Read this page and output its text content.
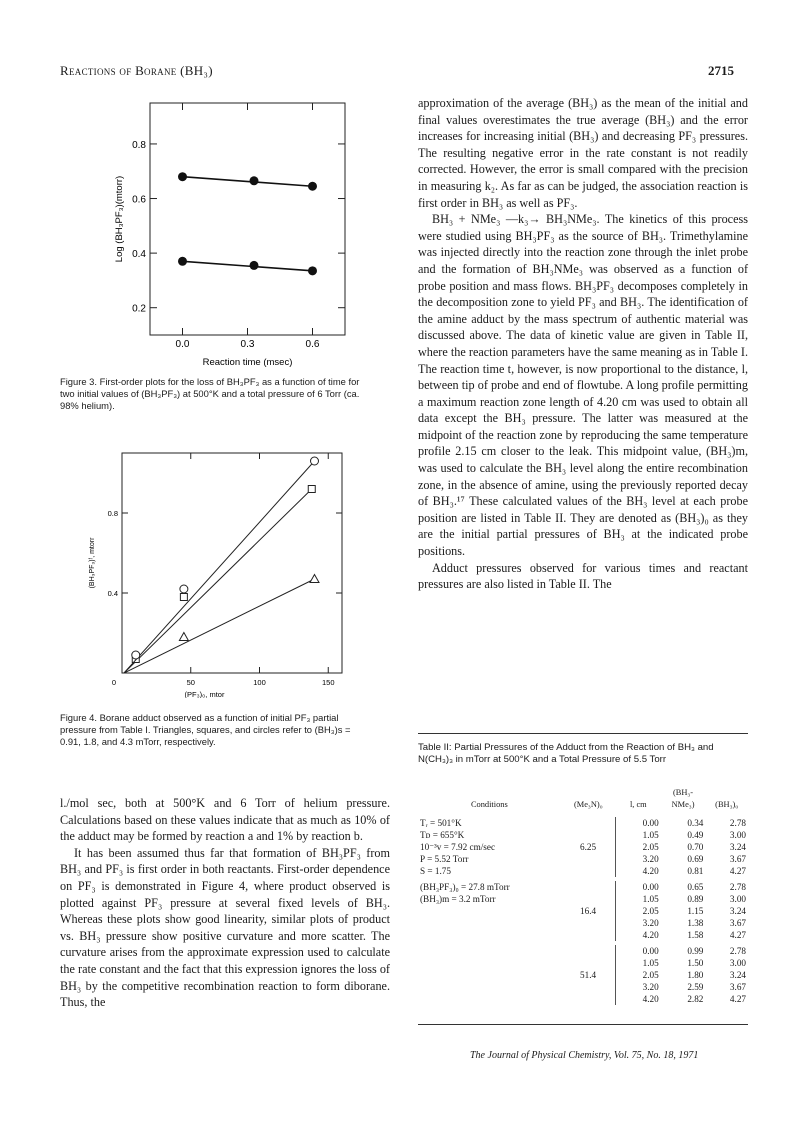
Reactions of Borane (BH₃)	2715
0.2
0.4
0.6
0.8
0.0	0.3	0.6
Log (BH₃PF₃)(mtorr)
Reaction time (msec)
Figure 3. First-order plots for the loss of BH₃PF₃ as a function of time for two initial values of (BH₃PF₃) at 500°K and a total pressure of 6 Torr (ca. 98% helium).
0.4
0.8
0	50	100	150
(BH₃PF₃)ᶠ, mtorr
(PF₃)₀, mtor
Figure 4. Borane adduct observed as a function of initial PF₃ partial pressure from Table I. Triangles, squares, and circles refer to (BH₃)s = 0.91, 1.8, and 4.3 mTorr, respectively.

l./mol sec, both at 500°K and 6 Torr of helium pressure. Calculations based on these values indicate that as much as 10% of the adduct may be formed by reaction a and 1% by reaction b.

It has been assumed thus far that formation of BH₃PF₃ from BH₃ and PF₃ is first order in both reactants. First-order dependence on PF₃ is demonstrated in Figure 4, where product observed is plotted against PF₃ pressure at several fixed levels of BH₃. Whereas these plots show good linearity, similar plots of product vs. BH₃ pressure show positive curvature and more scatter. The curvature arises from the approximate expression used to calculate the rate constant and the fact that this expression ignores the loss of BH₃ by the competitive recombination reaction to form diborane. Thus, the

approximation of the average (BH₃) as the mean of the initial and final values overestimates the true average (BH₃) and the error increases for increasing initial (BH₃) and decreasing PF₃ pressures. The resulting negative error in the rate constant is not readily corrected. However, the error is small compared with the precision in measuring k₂. As far as can be judged, the association reaction is first order in BH₃ as well as PF₃.

BH₃ + NMe₃ —k₃→ BH₃NMe₃. The kinetics of this process were studied using BH₃PF₃ as the source of BH₃. Trimethylamine was injected directly into the reaction zone through the inlet probe and the formation of BH₃NMe₃ was observed as a function of probe position and mass flows. BH₃PF₃ decomposes completely in the decomposition zone to yield PF₃ and BH₃. The identification of the amine adduct by the mass spectrum of authentic material was discussed above. The data of kinetic value are given in Table II, where the reaction parameters have the same meaning as in Table I. The reaction time t, however, is now proportional to the distance, l, between tip of probe and end of flowtube. A long profile permitting a maximum reaction zone length of 4.20 cm was used to obtain all data except the BH₃ pressure. The latter was measured at the midpoint of the reaction zone by reproducing the same temperature profile 2.15 cm closer to the leak. This midpoint value, (BH₃)m, was used to calculate the BH₃ level along the entire recombination zone, in the absence of amine, using the previously reported decay of BH₃.¹⁷ These calculated values of the BH₃ level at each probe position are listed in Table II. They are denoted as (BH₃)₀ as they are the initial partial pressures of BH₃ at the indicated probe positions.

Adduct pressures observed for various times and reactant pressures are also listed in Table II. The

Table II: Partial Pressures of the Adduct from the Reaction of BH₃ and N(CH₃)₃ in mTorr at 500°K and a Total Pressure of 5.5 Torr
Conditions	(Me₃N)₀	l, cm	(BH₃-NMe₃)	(BH₃)₀
Tᵣ = 501°K		0.00	0.34	2.78
Tᴅ = 655°K		1.05	0.49	3.00
10⁻³v = 7.92 cm/sec	6.25	2.05	0.70	3.24
P = 5.52 Torr		3.20	0.69	3.67
S = 1.75		4.20	0.81	4.27

(BH₃PF₃)₀ = 27.8 mTorr		0.00	0.65	2.78
(BH₃)m = 3.2 mTorr		1.05	0.89	3.00
	16.4	2.05	1.15	3.24
		3.20	1.38	3.67
		4.20	1.58	4.27

		0.00	0.99	2.78
		1.05	1.50	3.00
	51.4	2.05	1.80	3.24
		3.20	2.59	3.67
		4.20	2.82	4.27
The Journal of Physical Chemistry, Vol. 75, No. 18, 1971
